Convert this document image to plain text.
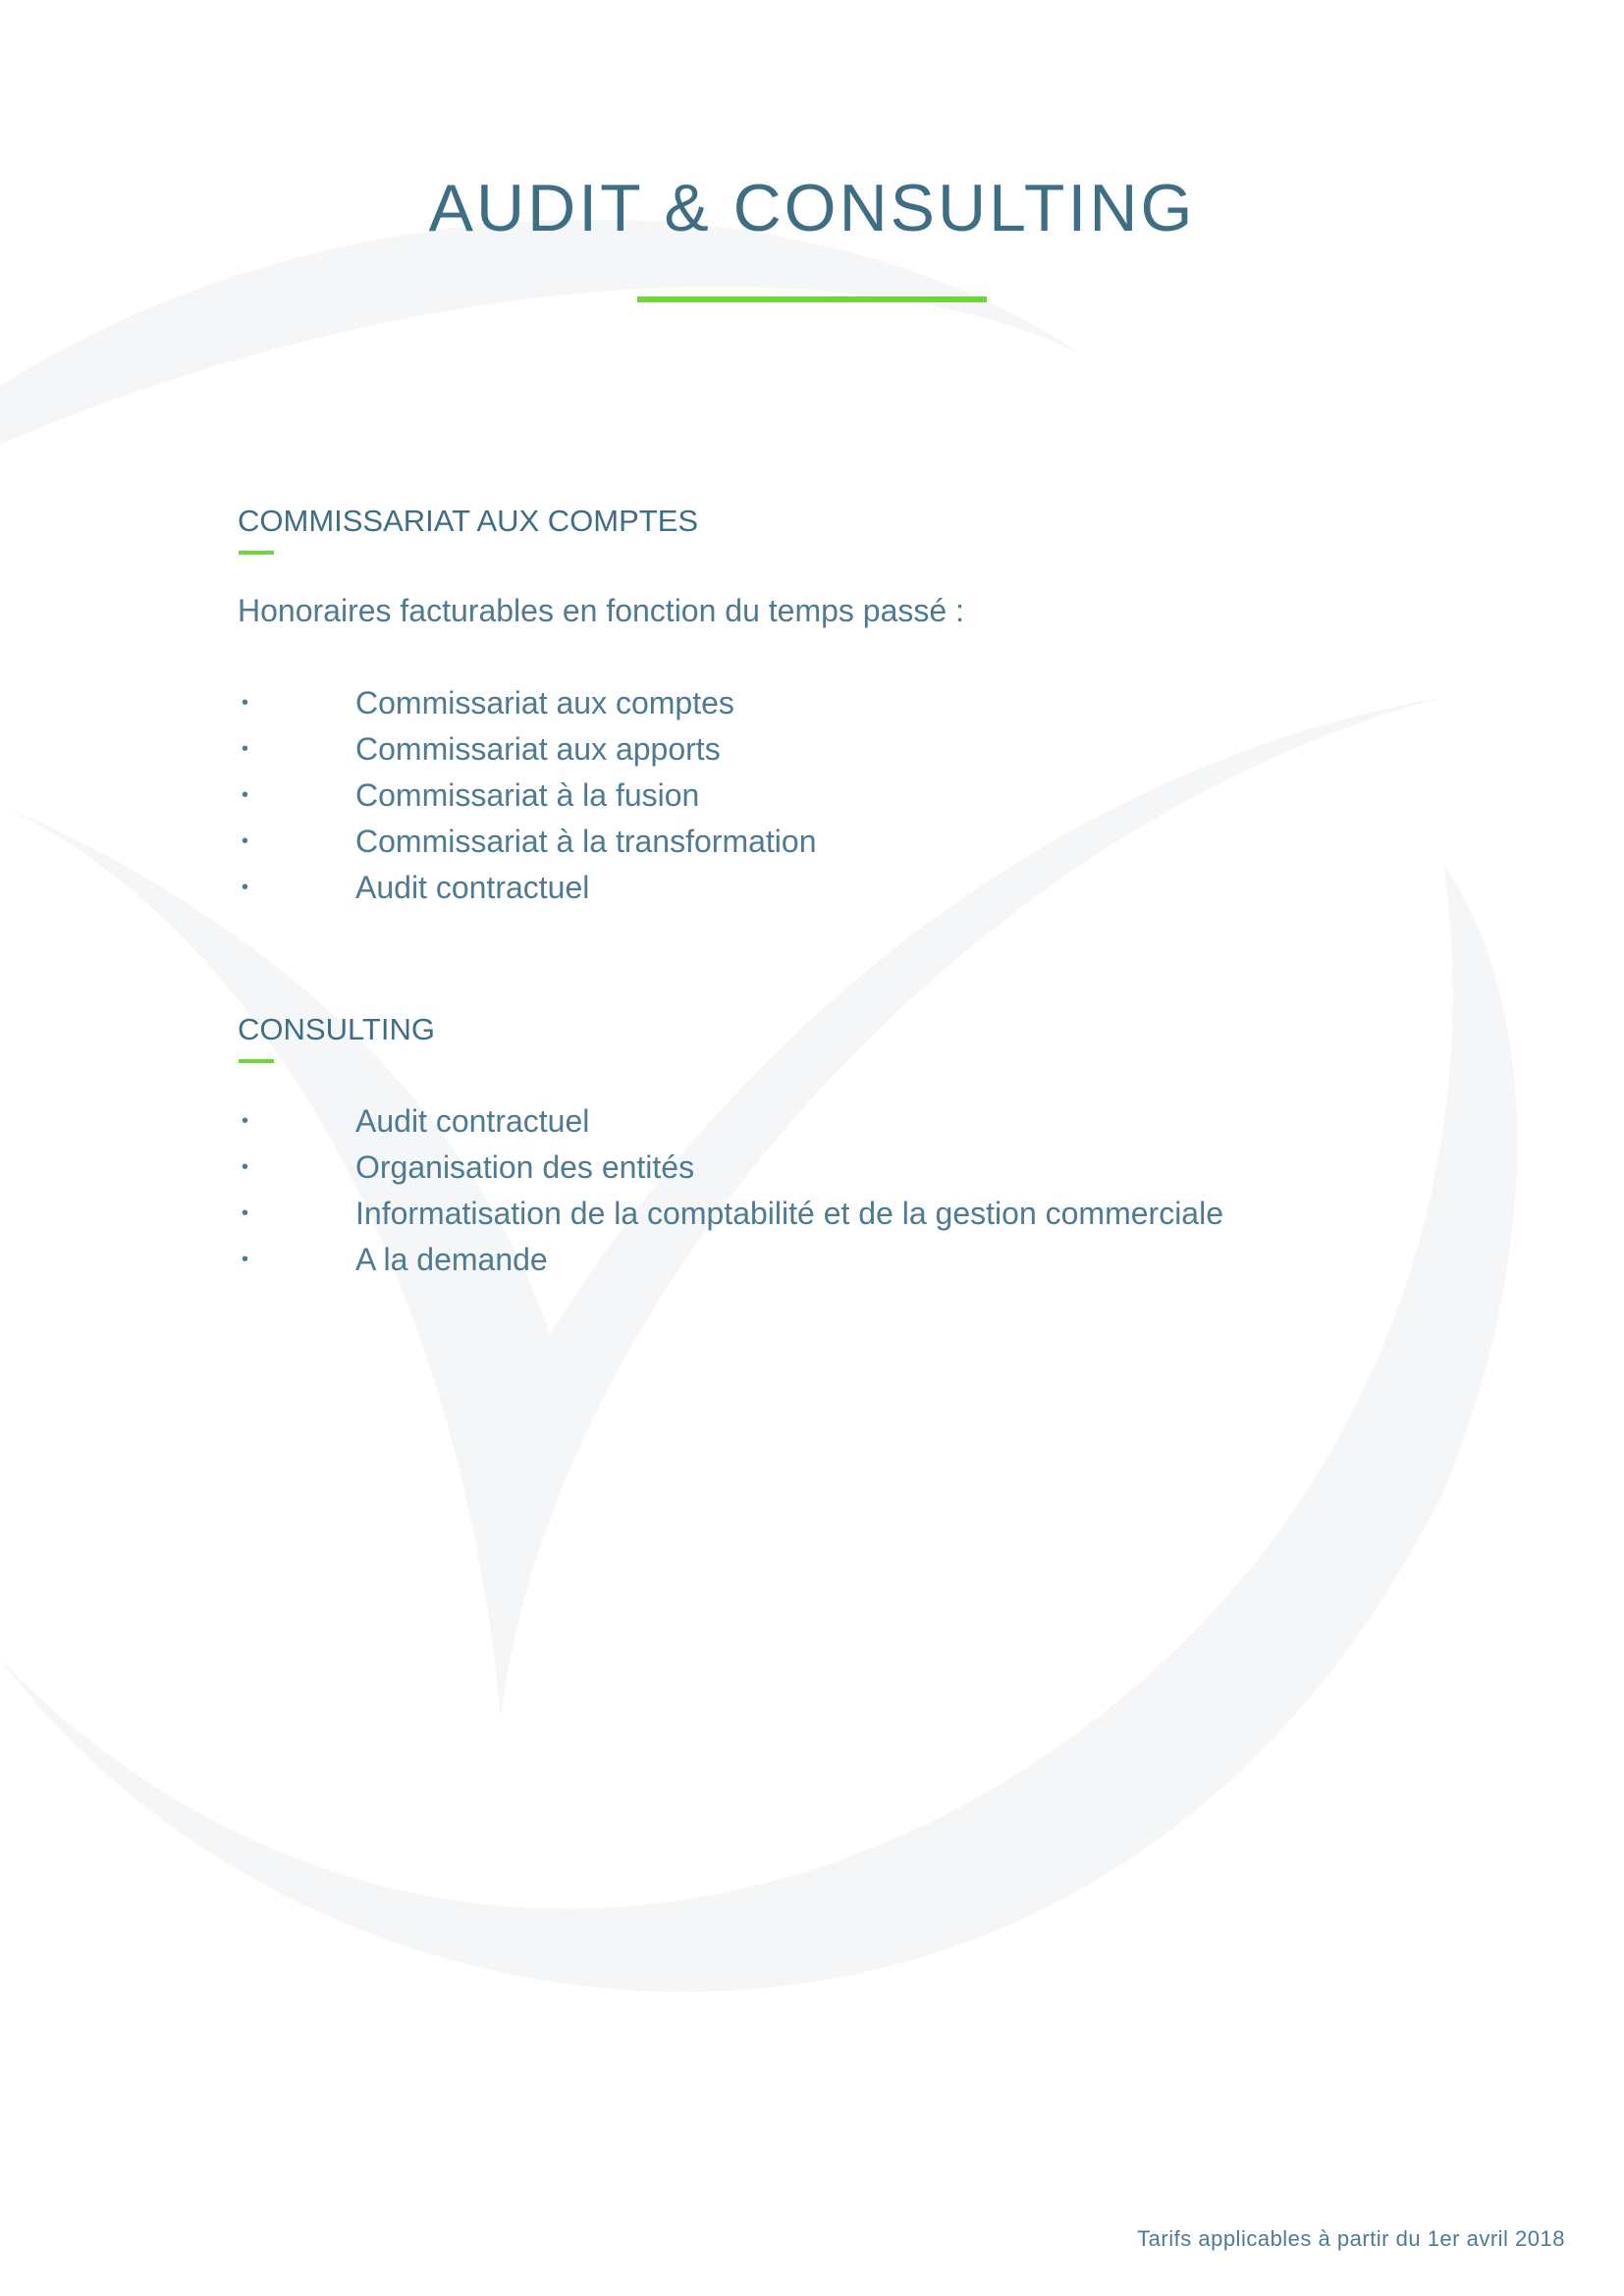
AUDIT & CONSULTING
COMMISSARIAT AUX COMPTES

Honoraires facturables en fonction du temps passé :

•	Commissariat aux comptes
•	Commissariat aux apports
•	Commissariat à la fusion
•	Commissariat à la transformation
•	Audit contractuel
CONSULTING
•	Audit contractuel
•	Organisation des entités
•	Informatisation de la comptabilité et de la gestion commerciale
•	A la demande

Tarifs applicables à partir du 1er avril 2018
